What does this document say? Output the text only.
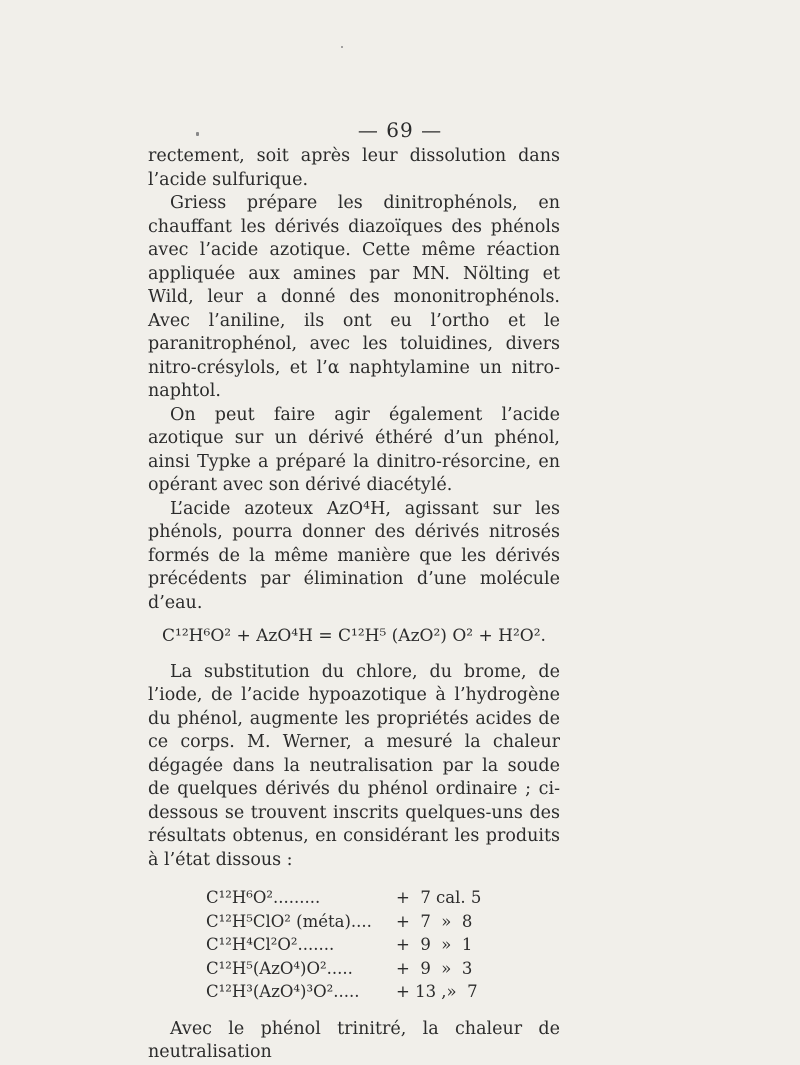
— 69 —

rectement, soit après leur dissolution dans l’acide sulfurique.

Griess prépare les dinitrophénols, en chauffant les dérivés diazoïques des phénols avec l’acide azotique. Cette même réaction appliquée aux amines par MN. Nölting et Wild, leur a donné des mononitrophénols. Avec l’aniline, ils ont eu l’ortho et le paranitrophénol, avec les toluidines, divers nitro-crésylols, et l’α naphtylamine un nitro-naphtol.

On peut faire agir également l’acide azotique sur un dérivé éthéré d’un phénol, ainsi Typke a préparé la dinitro-résorcine, en opérant avec son dérivé diacétylé.

L’acide azoteux AzO⁴H, agissant sur les phénols, pourra donner des dérivés nitrosés formés de la même manière que les dérivés précédents par élimination d’une molécule d’eau.

C¹²H⁶O² + AzO⁴H = C¹²H⁵ (AzO²) O² + H²O².

La substitution du chlore, du brome, de l’iode, de l’acide hypoazotique à l’hydrogène du phénol, augmente les propriétés acides de ce corps. M. Werner, a mesuré la chaleur dégagée dans la neutralisation par la soude de quelques dérivés du phénol ordinaire ; ci-dessous se trouvent inscrits quelques-uns des résultats obtenus, en considérant les produits à l’état dissous :

C¹²H⁶O².........	+  7 cal. 5
C¹²H⁵ClO² (méta)....	+  7  »  8
C¹²H⁴Cl²O².......	+  9  »  1
C¹²H⁵(AzO⁴)O².....	+  9  »  3
C¹²H³(AzO⁴)³O².....	+ 13 ,»  7

Avec le phénol trinitré, la chaleur de neutralisation
